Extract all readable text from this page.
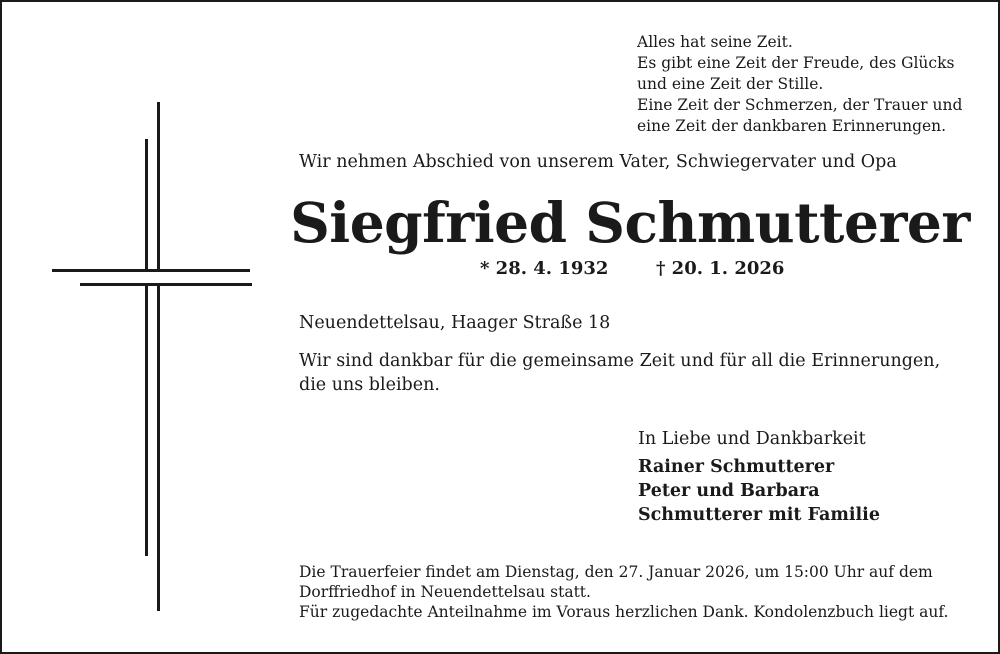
Alles hat seine Zeit.
Es gibt eine Zeit der Freude, des Glücks
und eine Zeit der Stille.
Eine Zeit der Schmerzen, der Trauer und
eine Zeit der dankbaren Erinnerungen.
Wir nehmen Abschied von unserem Vater, Schwiegervater und Opa
Siegfried Schmutterer
* 28. 4. 1932	† 20. 1. 2026
Neuendettelsau, Haager Straße 18
Wir sind dankbar für die gemeinsame Zeit und für all die Erinnerungen,
die uns bleiben.
In Liebe und Dankbarkeit
Rainer Schmutterer
Peter und Barbara
Schmutterer mit Familie
Die Trauerfeier findet am Dienstag, den 27. Januar 2026, um 15:00 Uhr auf dem
Dorffriedhof in Neuendettelsau statt.
Für zugedachte Anteilnahme im Voraus herzlichen Dank. Kondolenzbuch liegt auf.
